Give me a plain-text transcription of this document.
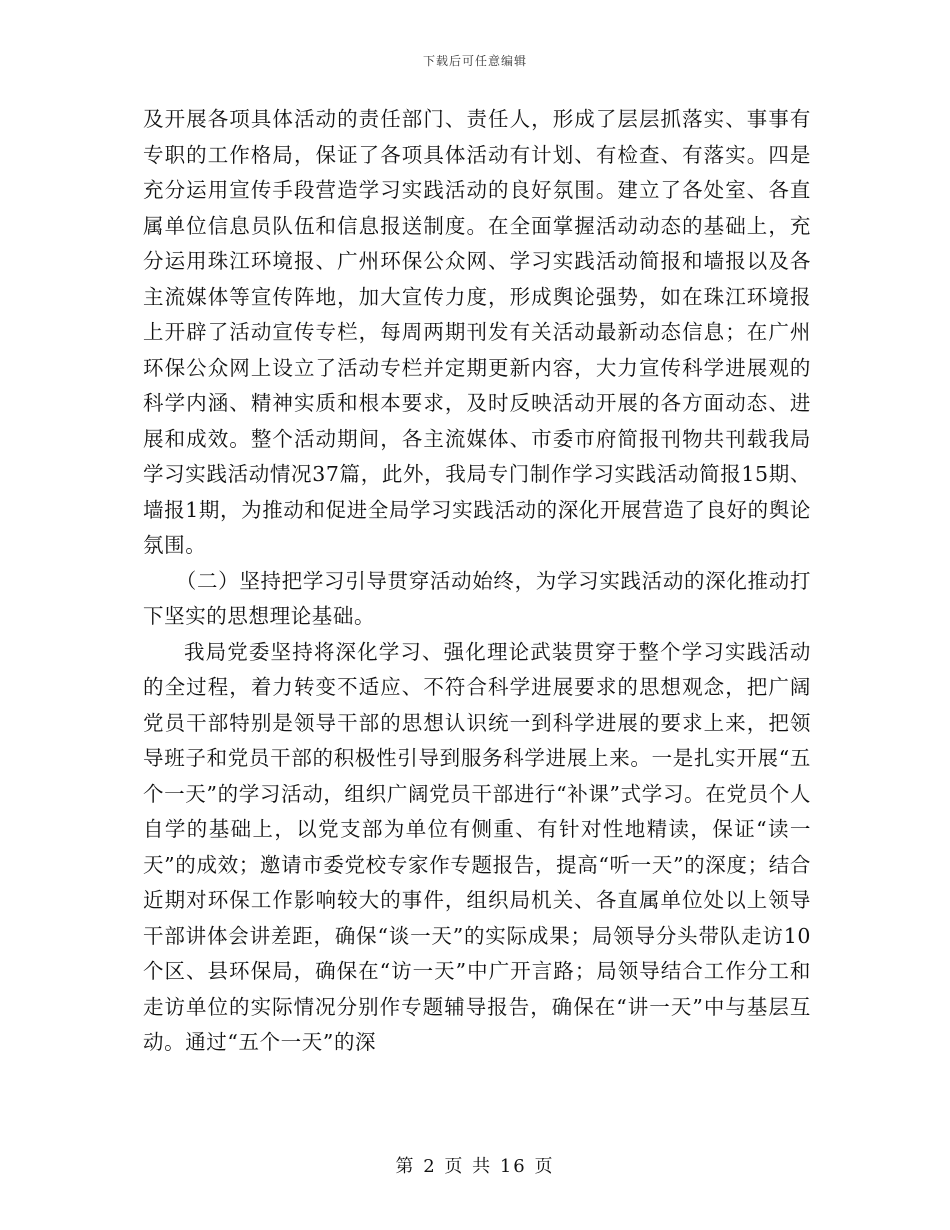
下载后可任意编辑

及开展各项具体活动的责任部门、责任人，形成了层层抓落实、事事有专职的工作格局，保证了各项具体活动有计划、有检查、有落实。四是充分运用宣传手段营造学习实践活动的良好氛围。建立了各处室、各直属单位信息员队伍和信息报送制度。在全面掌握活动动态的基础上，充分运用珠江环境报、广州环保公众网、学习实践活动简报和墙报以及各主流媒体等宣传阵地，加大宣传力度，形成舆论强势，如在珠江环境报上开辟了活动宣传专栏，每周两期刊发有关活动最新动态信息；在广州环保公众网上设立了活动专栏并定期更新内容，大力宣传科学进展观的科学内涵、精神实质和根本要求，及时反映活动开展的各方面动态、进展和成效。整个活动期间，各主流媒体、市委市府简报刊物共刊载我局学习实践活动情况37篇，此外，我局专门制作学习实践活动简报15期、墙报1期，为推动和促进全局学习实践活动的深化开展营造了良好的舆论氛围。

（二）坚持把学习引导贯穿活动始终，为学习实践活动的深化推动打下坚实的思想理论基础。

我局党委坚持将深化学习、强化理论武装贯穿于整个学习实践活动的全过程，着力转变不适应、不符合科学进展要求的思想观念，把广阔党员干部特别是领导干部的思想认识统一到科学进展的要求上来，把领导班子和党员干部的积极性引导到服务科学进展上来。一是扎实开展“五个一天”的学习活动，组织广阔党员干部进行“补课”式学习。在党员个人自学的基础上，以党支部为单位有侧重、有针对性地精读，保证“读一天”的成效；邀请市委党校专家作专题报告，提高“听一天”的深度；结合近期对环保工作影响较大的事件，组织局机关、各直属单位处以上领导干部讲体会讲差距，确保“谈一天”的实际成果；局领导分头带队走访10个区、县环保局，确保在“访一天”中广开言路；局领导结合工作分工和走访单位的实际情况分别作专题辅导报告，确保在“讲一天”中与基层互动。通过“五个一天”的深

第 2 页 共 16 页
